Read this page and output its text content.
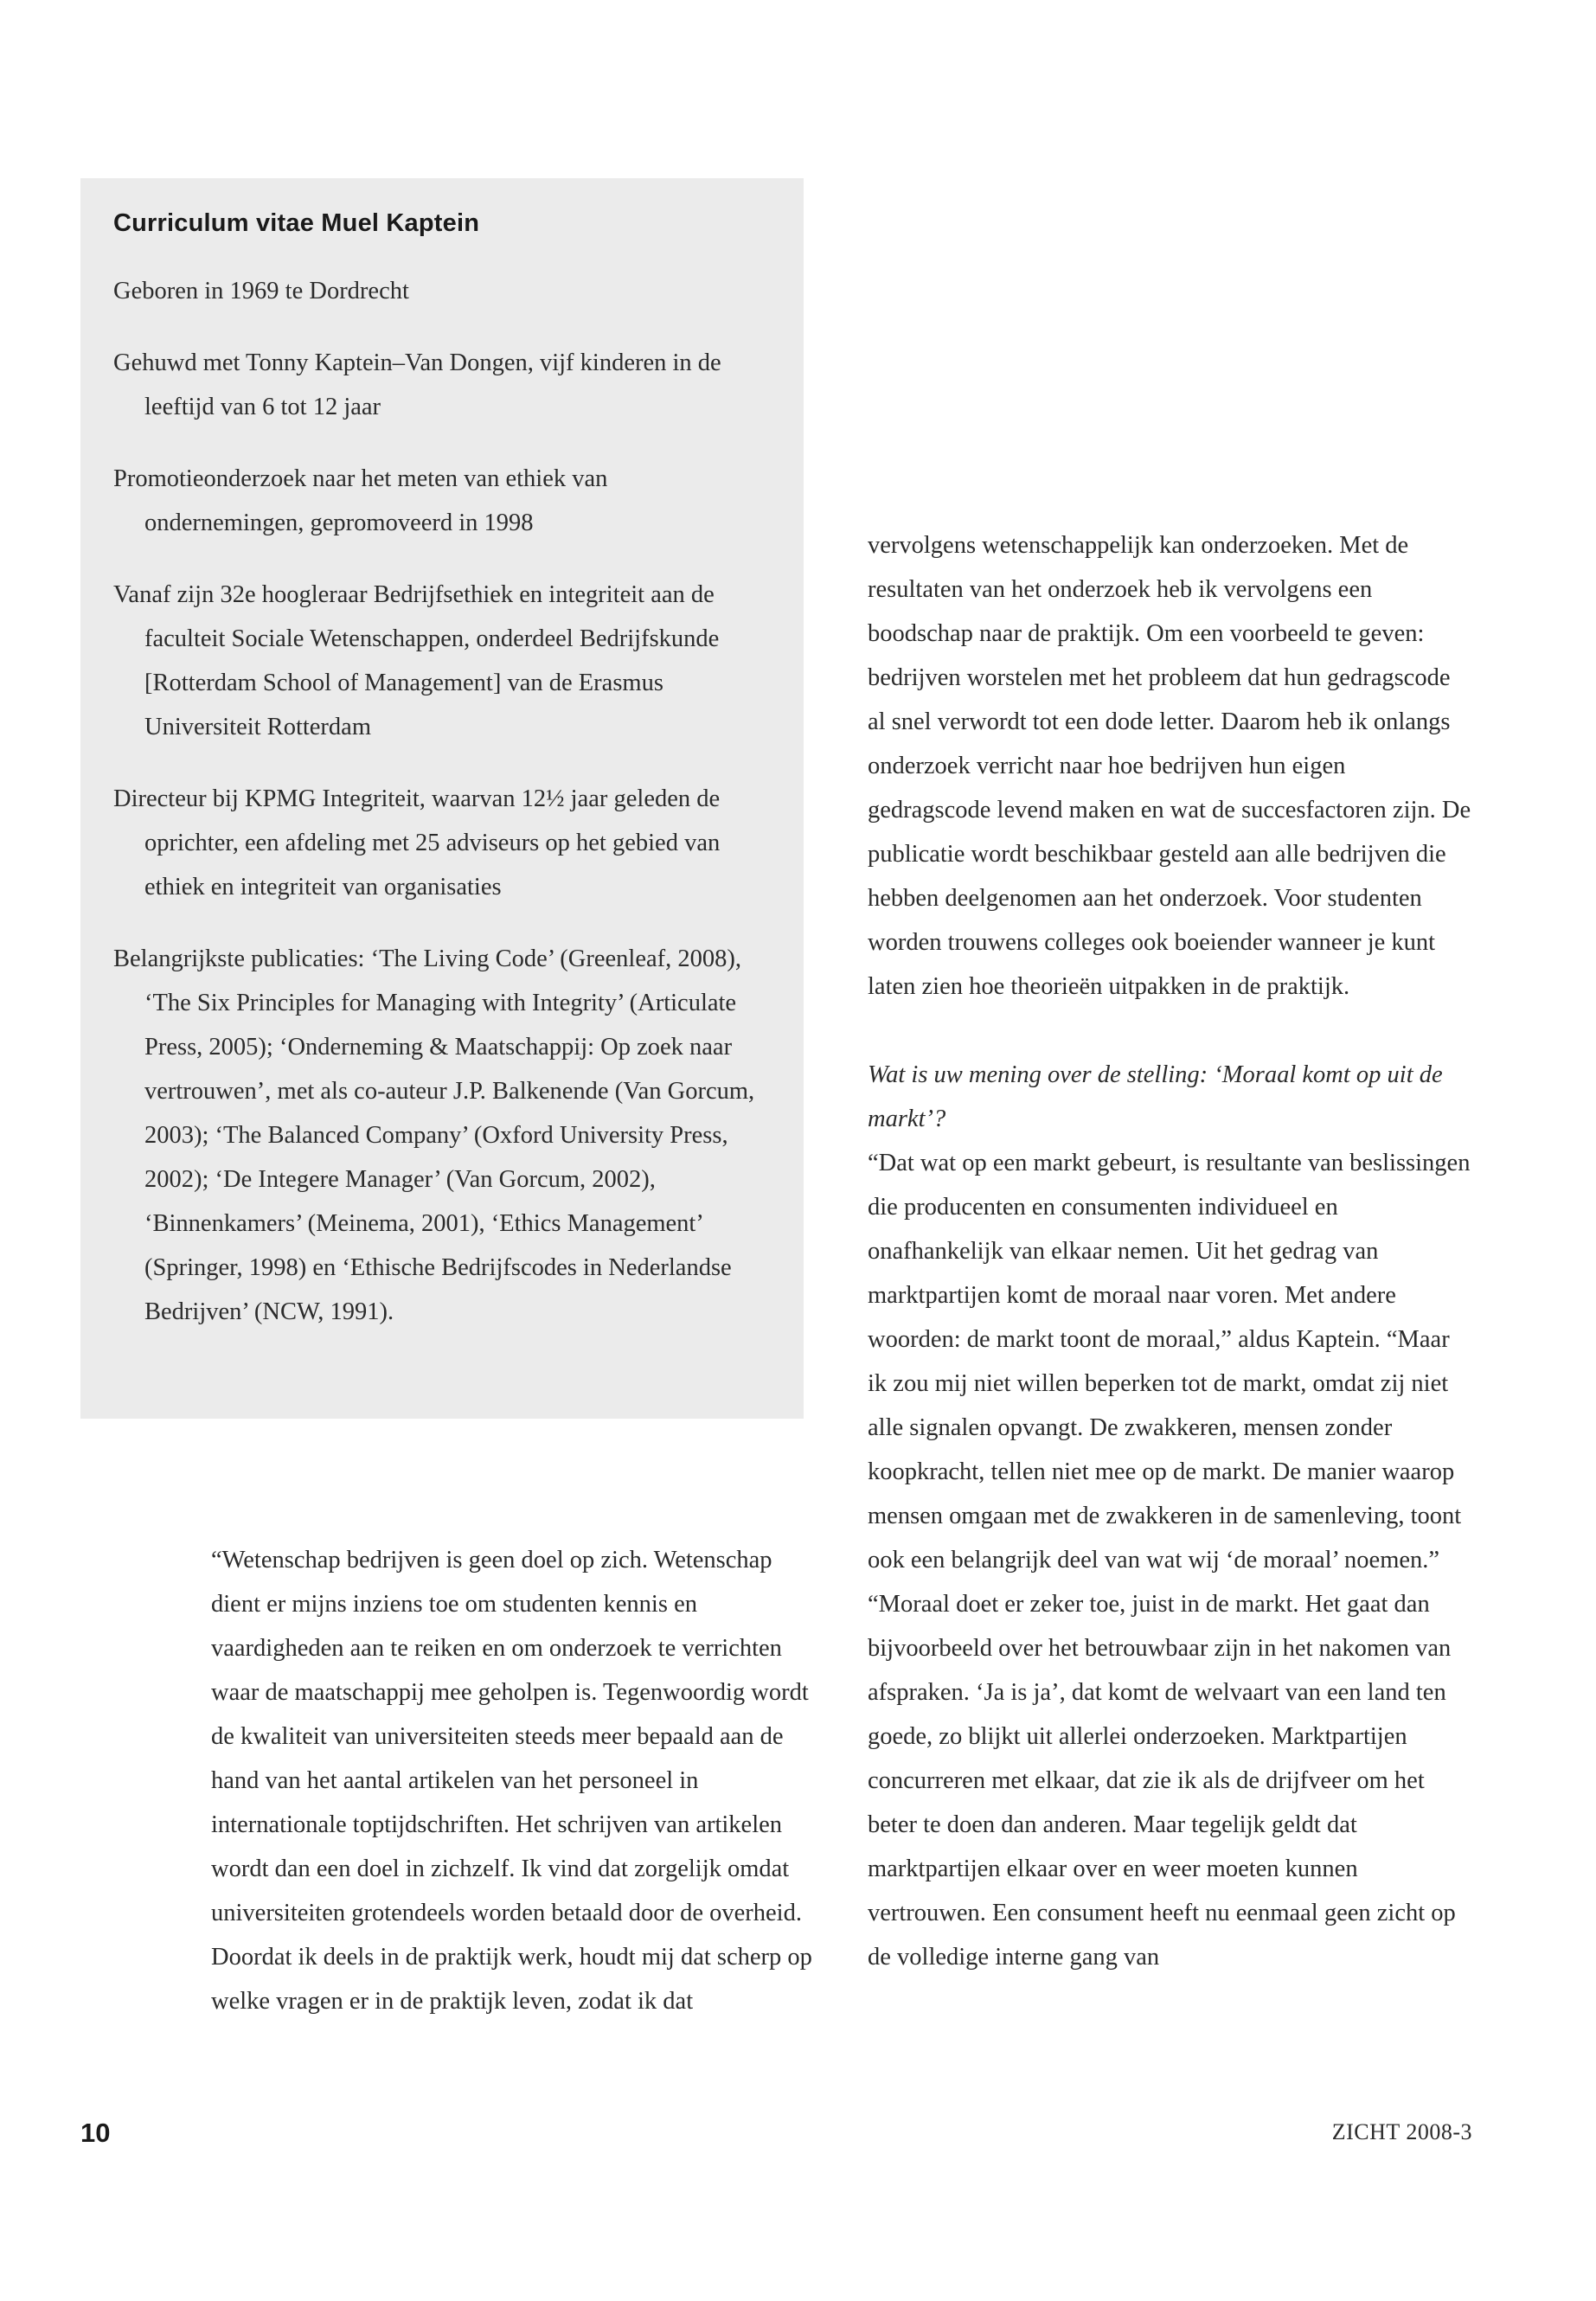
Curriculum vitae Muel Kaptein

Geboren in 1969 te Dordrecht

Gehuwd met Tonny Kaptein–Van Dongen, vijf kinderen in de leeftijd van 6 tot 12 jaar

Promotieonderzoek naar het meten van ethiek van ondernemingen, gepromoveerd in 1998

Vanaf zijn 32e hoogleraar Bedrijfsethiek en integriteit aan de faculteit Sociale Wetenschappen, onderdeel Bedrijfskunde [Rotterdam School of Management] van de Erasmus Universiteit Rotterdam

Directeur bij KPMG Integriteit, waarvan 12½ jaar geleden de oprichter, een afdeling met 25 adviseurs op het gebied van ethiek en integriteit van organisaties

Belangrijkste publicaties: ‘The Living Code’ (Greenleaf, 2008), ‘The Six Principles for Managing with Integrity’ (Articulate Press, 2005); ‘Onderneming & Maatschappij: Op zoek naar vertrouwen’, met als co-auteur J.P. Balkenende (Van Gorcum, 2003); ‘The Balanced Company’ (Oxford University Press, 2002); ‘De Integere Manager’ (Van Gorcum, 2002), ‘Binnenkamers’ (Meinema, 2001), ‘Ethics Management’ (Springer, 1998) en ‘Ethische Bedrijfscodes in Nederlandse Bedrijven’ (NCW, 1991).

“Wetenschap bedrijven is geen doel op zich. Wetenschap dient er mijns inziens toe om studenten kennis en vaardigheden aan te reiken en om onderzoek te verrichten waar de maatschappij mee geholpen is. Tegenwoordig wordt de kwaliteit van universiteiten steeds meer bepaald aan de hand van het aantal artikelen van het personeel in internationale toptijdschriften. Het schrijven van artikelen wordt dan een doel in zichzelf. Ik vind dat zorgelijk omdat universiteiten grotendeels worden betaald door de overheid. Doordat ik deels in de praktijk werk, houdt mij dat scherp op welke vragen er in de praktijk leven, zodat ik dat

vervolgens wetenschappelijk kan onderzoeken. Met de resultaten van het onderzoek heb ik vervolgens een boodschap naar de praktijk. Om een voorbeeld te geven: bedrijven worstelen met het probleem dat hun gedragscode al snel verwordt tot een dode letter. Daarom heb ik onlangs onderzoek verricht naar hoe bedrijven hun eigen gedragscode levend maken en wat de succesfactoren zijn. De publicatie wordt beschikbaar gesteld aan alle bedrijven die hebben deelgenomen aan het onderzoek. Voor studenten worden trouwens colleges ook boeiender wanneer je kunt laten zien hoe theorieën uitpakken in de praktijk.

Wat is uw mening over de stelling: ‘Moraal komt op uit de markt’?

“Dat wat op een markt gebeurt, is resultante van beslissingen die producenten en consumenten individueel en onafhankelijk van elkaar nemen. Uit het gedrag van marktpartijen komt de moraal naar voren. Met andere woorden: de markt toont de moraal,” aldus Kaptein. “Maar ik zou mij niet willen beperken tot de markt, omdat zij niet alle signalen opvangt. De zwakkeren, mensen zonder koopkracht, tellen niet mee op de markt. De manier waarop mensen omgaan met de zwakkeren in de samenleving, toont ook een belangrijk deel van wat wij ‘de moraal’ noemen.”

“Moraal doet er zeker toe, juist in de markt. Het gaat dan bijvoorbeeld over het betrouwbaar zijn in het nakomen van afspraken. ‘Ja is ja’, dat komt de welvaart van een land ten goede, zo blijkt uit allerlei onderzoeken. Marktpartijen concurreren met elkaar, dat zie ik als de drijfveer om het beter te doen dan anderen. Maar tegelijk geldt dat marktpartijen elkaar over en weer moeten kunnen vertrouwen. Een consument heeft nu eenmaal geen zicht op de volledige interne gang van

10	ZICHT 2008-3
